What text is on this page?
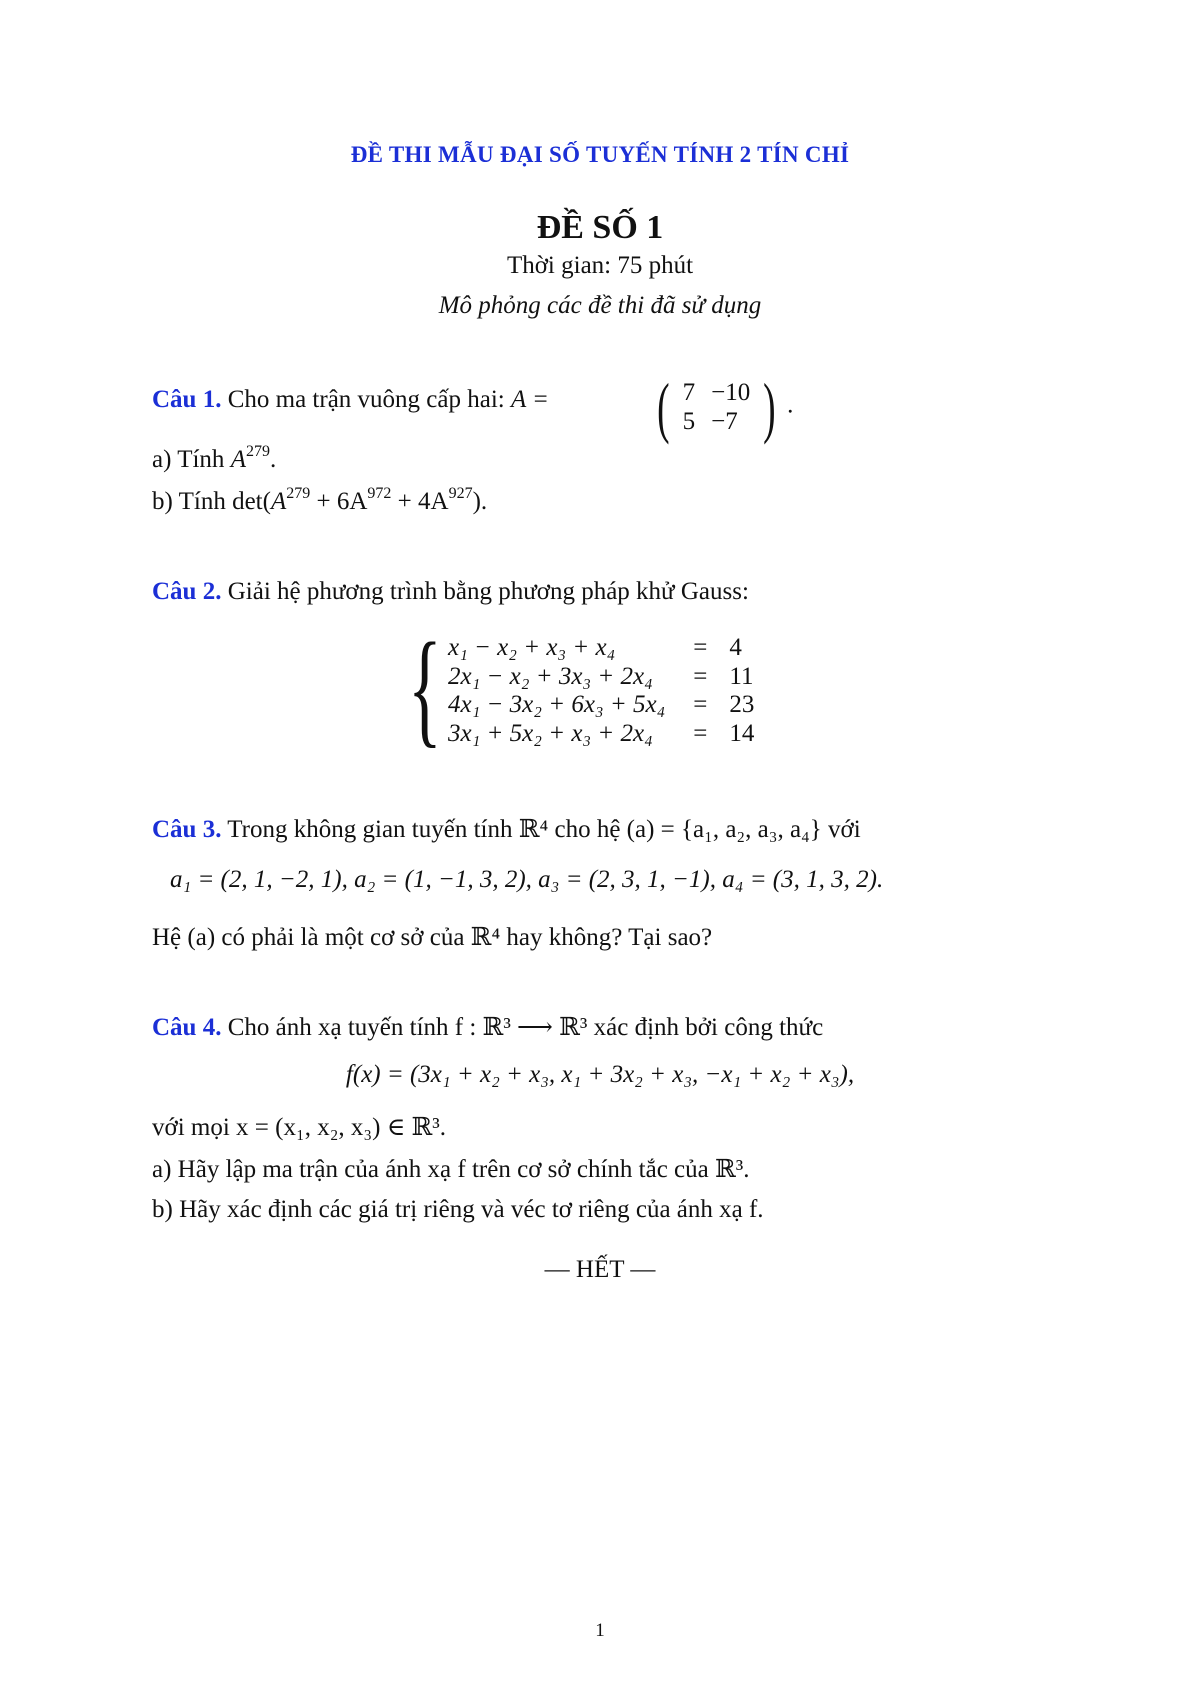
ĐỀ THI MẪU ĐẠI SỐ TUYẾN TÍNH 2 TÍN CHỈ
ĐỀ SỐ 1
Thời gian: 75 phút
Mô phỏng các đề thi đã sử dụng
Câu 1. Cho ma trận vuông cấp hai: A = ( 7	−10
5	−7 ) .
a) Tính $A^{279}$.
b) Tính $\det(A^{279} + 6A^{972} + 4A^{927})$.
Câu 2. Giải hệ phương trình bằng phương pháp khử Gauss:
{ x₁ − x₂ + x₃ + x₄	=	4
2x₁ − x₂ + 3x₃ + 2x₄	=	11
4x₁ − 3x₂ + 6x₃ + 5x₄	=	23
3x₁ + 5x₂ + x₃ + 2x₄	=	14
Câu 3. Trong không gian tuyến tính ℝ⁴ cho hệ (a) = {a₁, a₂, a₃, a₄} với
a₁ = (2, 1, −2, 1), a₂ = (1, −1, 3, 2), a₃ = (2, 3, 1, −1), a₄ = (3, 1, 3, 2).
Hệ (a) có phải là một cơ sở của ℝ⁴ hay không? Tại sao?
Câu 4. Cho ánh xạ tuyến tính f : ℝ³ ⟶ ℝ³ xác định bởi công thức
f(x) = (3x₁ + x₂ + x₃, x₁ + 3x₂ + x₃, −x₁ + x₂ + x₃),
với mọi x = (x₁, x₂, x₃) ∈ ℝ³.
a) Hãy lập ma trận của ánh xạ f trên cơ sở chính tắc của ℝ³.
b) Hãy xác định các giá trị riêng và véc tơ riêng của ánh xạ f.
— HẾT —
1
